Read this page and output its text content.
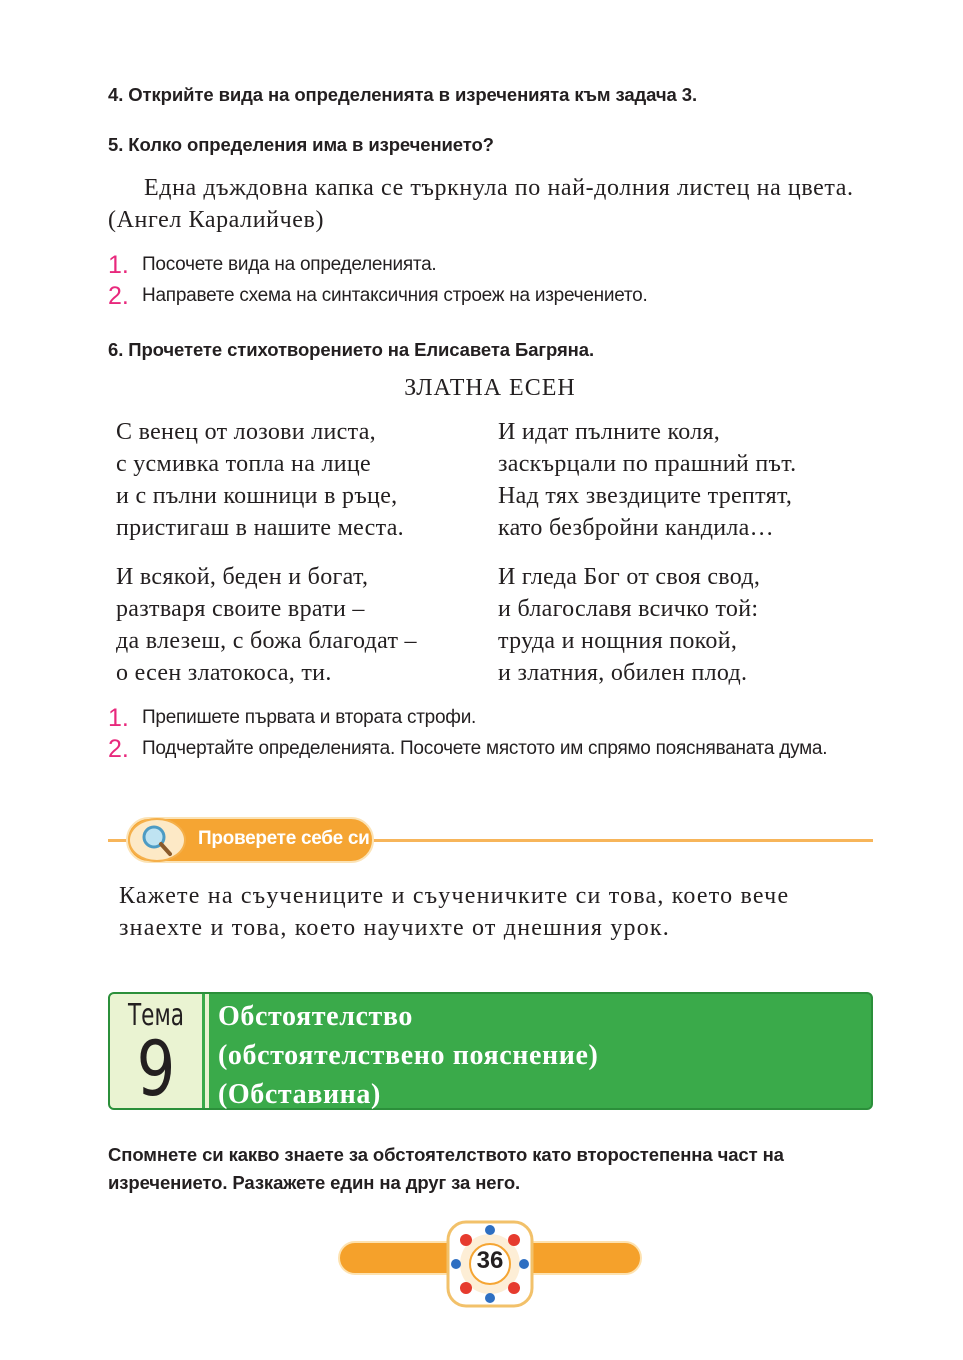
4. Открийте вида на определенията в изреченията към задача 3.
5. Колко определения има в изречението?
Една дъждовна капка се търкнула по най-долния листец на цвета. (Ангел Каралийчев)
1. Посочете вида на определенията.
2. Направете схема на синтаксичния строеж на изречението.
6. Прочетете стихотворението на Елисавета Багряна.
ЗЛАТНА ЕСЕН
С венец от лозови листа,
с усмивка топла на лице
и с пълни кошници в ръце,
пристигаш в нашите места.
И идат пълните коля,
заскърцали по прашний път.
Над тях звездиците трептят,
като безбройни кандила…
И всякой, беден и богат,
разтваря своите врати –
да влезеш, с божа благодат –
о есен златокоса, ти.
И гледа Бог от своя свод,
и благославя всичко той:
труда и нощния покой,
и златния, обилен плод.
1. Препишете първата и втората строфи.
2. Подчертайте определенията. Посочете мястото им спрямо поясняваната дума.
Проверете себе си
Кажете на съучениците и съученичките си това, което вече знаехте и това, което научихте от днешния урок.
Тема
9
Обстоятелство
(обстоятелствено пояснение)
(Обставина)
Спомнете си какво знаете за обстоятелството като второстепенна част на изречението. Разкажете един на друг за него.
36
